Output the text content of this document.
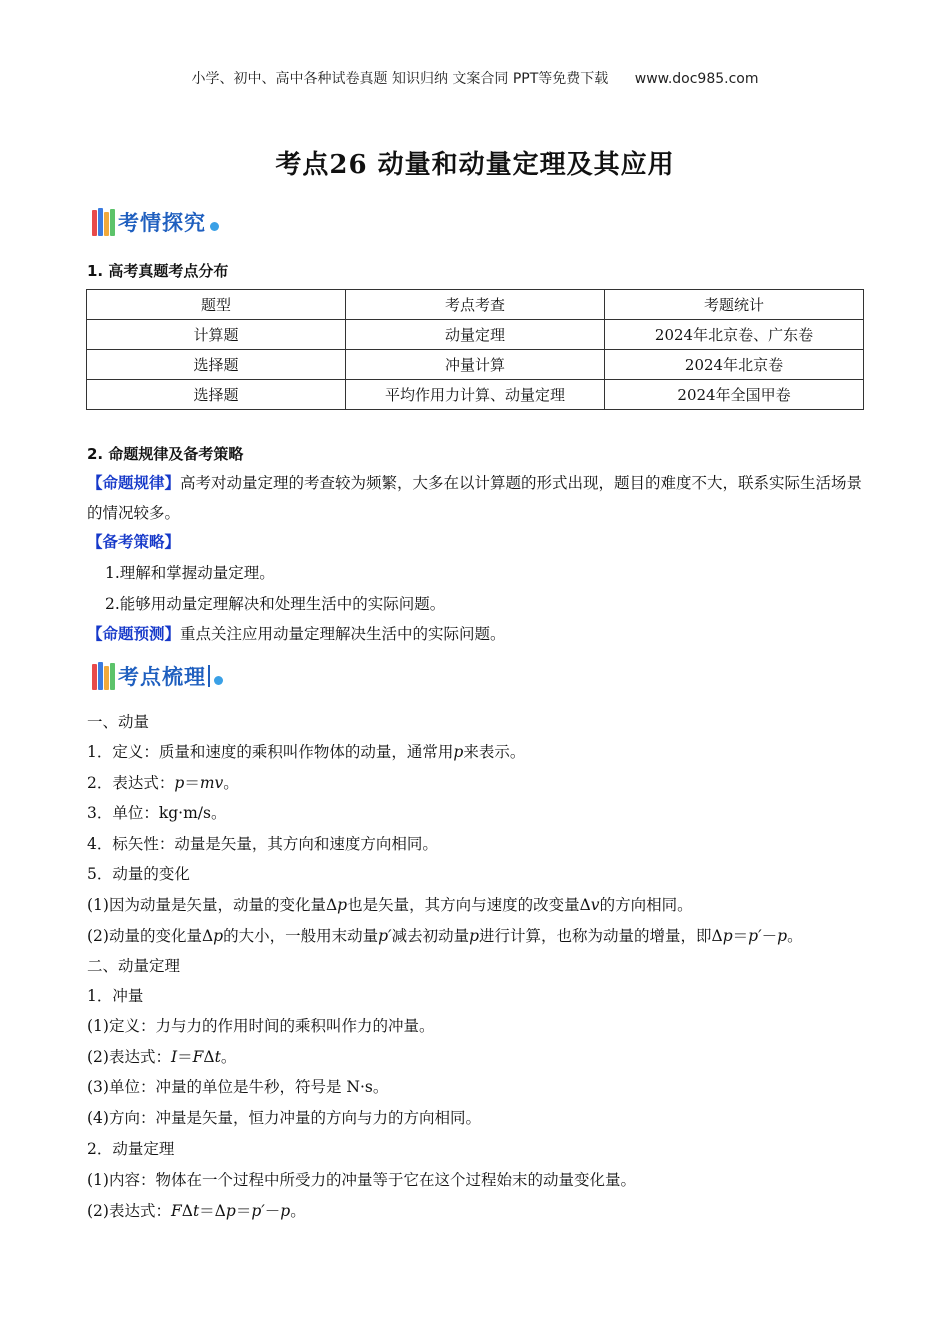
小学、初中、高中各种试卷真题 知识归纳 文案合同 PPT等免费下载 www.doc985.com
考点26 动量和动量定理及其应用
考情探究
1. 高考真题考点分布
题型	考点考查	考题统计
计算题	动量定理	2024年北京卷、广东卷
选择题	冲量计算	2024年北京卷
选择题	平均作用力计算、动量定理	2024年全国甲卷
2. 命题规律及备考策略
【命题规律】高考对动量定理的考查较为频繁，大多在以计算题的形式出现，题目的难度不大，联系实际生活场景的情况较多。
【备考策略】
1.理解和掌握动量定理。
2.能够用动量定理解决和处理生活中的实际问题。
【命题预测】重点关注应用动量定理解决生活中的实际问题。
考点梳理
一、动量
1．定义：质量和速度的乘积叫作物体的动量，通常用p来表示。
2．表达式：p＝mv。
3．单位：kg·m/s。
4．标矢性：动量是矢量，其方向和速度方向相同。
5．动量的变化
(1)因为动量是矢量，动量的变化量Δp也是矢量，其方向与速度的改变量Δv的方向相同。
(2)动量的变化量Δp的大小，一般用末动量p′减去初动量p进行计算，也称为动量的增量，即Δp＝p′－p。
二、动量定理
1．冲量
(1)定义：力与力的作用时间的乘积叫作力的冲量。
(2)表达式：I＝FΔt。
(3)单位：冲量的单位是牛秒，符号是 N·s。
(4)方向：冲量是矢量，恒力冲量的方向与力的方向相同。
2．动量定理
(1)内容：物体在一个过程中所受力的冲量等于它在这个过程始末的动量变化量。
(2)表达式：FΔt＝Δp＝p′－p。
